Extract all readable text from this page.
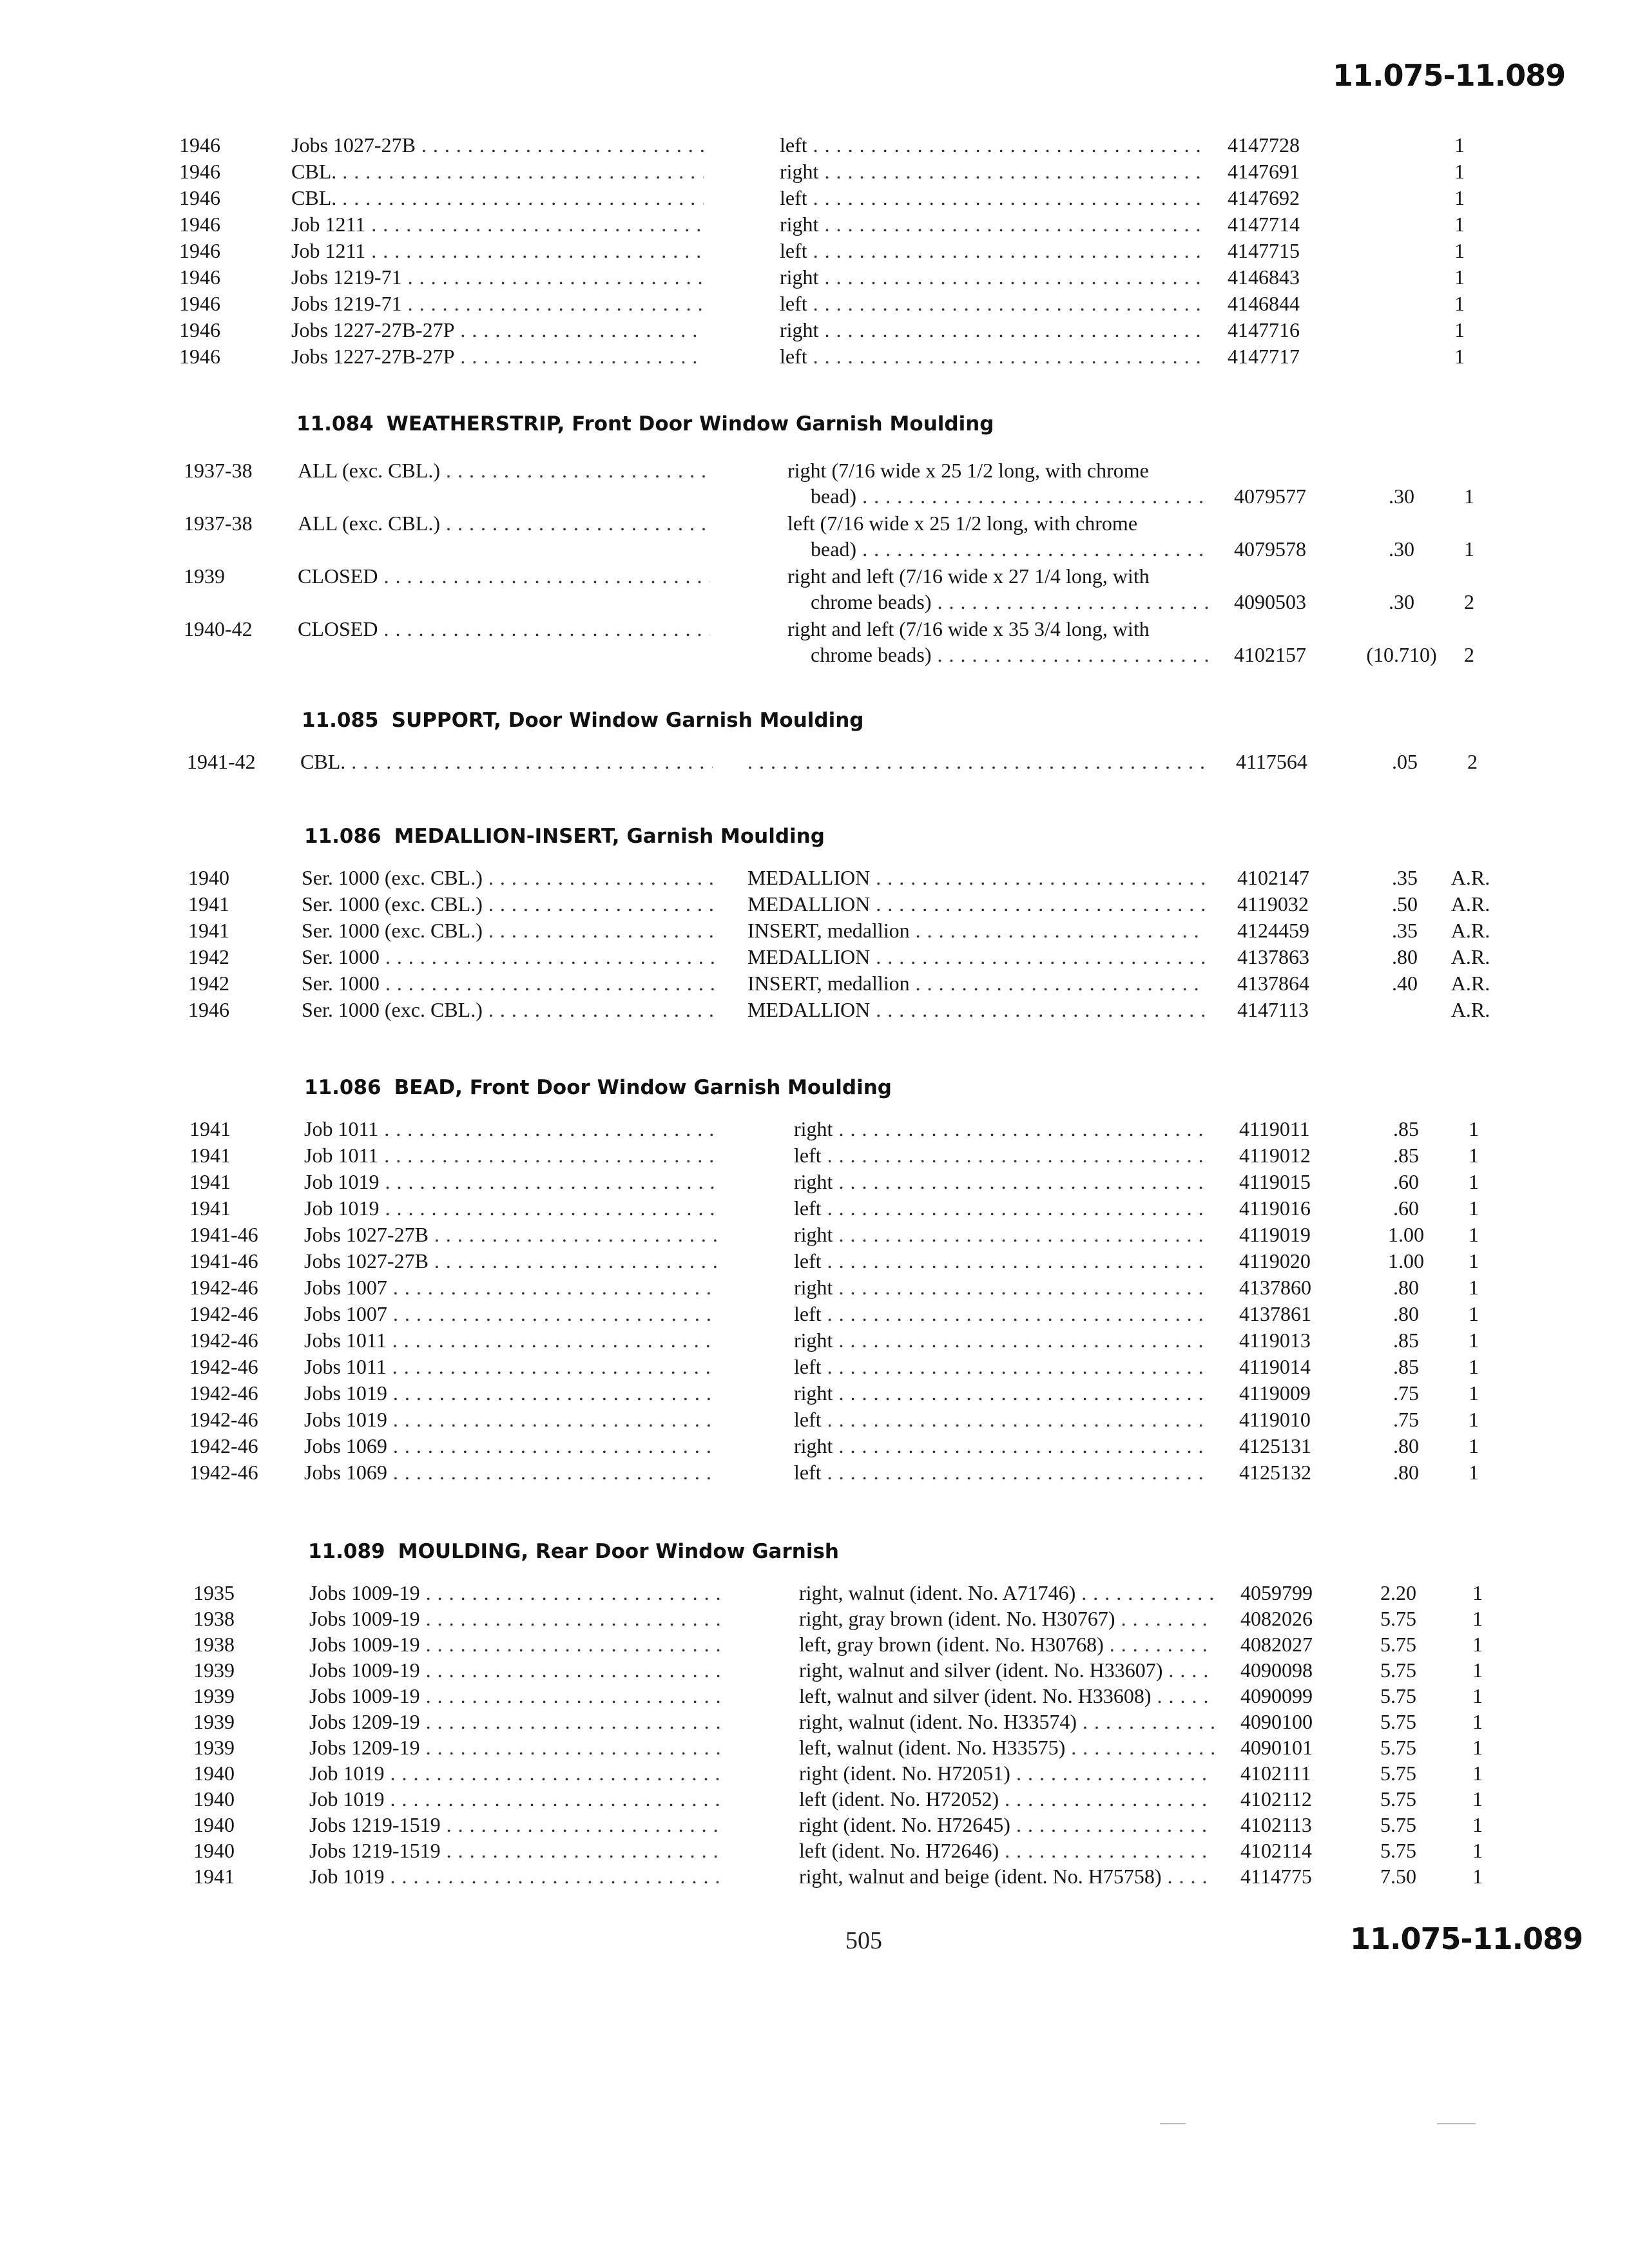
11.075-11.089
1946	Jobs 1027-27B . . .	left . . .	4147728	1
1946	CBL. . . .	right . . .	4147691	1
1946	CBL. . . .	left . . .	4147692	1
1946	Job 1211 . . .	right . . .	4147714	1
1946	Job 1211 . . .	left . . .	4147715	1
1946	Jobs 1219-71 . . .	right . . .	4146843	1
1946	Jobs 1219-71 . . .	left . . .	4146844	1
1946	Jobs 1227-27B-27P . . .	right . . .	4147716	1
1946	Jobs 1227-27B-27P . . .	left . . .	4147717	1
11.084 WEATHERSTRIP, Front Door Window Garnish Moulding
1937-38 ALL (exc. CBL.) . . .	right (7/16 wide x 25 1/2 long, with chrome
bead) . . .	4079577	.30	1
1937-38 ALL (exc. CBL.) . . .	left (7/16 wide x 25 1/2 long, with chrome
bead) . . .	4079578	.30	1
1939	CLOSED . . .	right and left (7/16 wide x 27 1/4 long, with
chrome beads) . . .	4090503	.30	2
1940-42 CLOSED . . .	right and left (7/16 wide x 35 3/4 long, with
chrome beads) . . .	4102157	(10.710)	2
11.085 SUPPORT, Door Window Garnish Moulding
1941-42 CBL. . . .
. . .	4117564	.05	2
11.086 MEDALLION-INSERT, Garnish Moulding
1940	Ser. 1000 (exc. CBL.) . . .	MEDALLION . . .	4102147	.35	A.R.
1941	Ser. 1000 (exc. CBL.) . . .	MEDALLION . . .	4119032	.50	A.R.
1941	Ser. 1000 (exc. CBL.) . . .	INSERT, medallion . . .	4124459	.35	A.R.
1942	Ser. 1000 . . .	MEDALLION . . .	4137863	.80	A.R.
1942	Ser. 1000 . . .	INSERT, medallion . . .	4137864	.40	A.R.
1946	Ser. 1000 (exc. CBL.) . . .	MEDALLION . . .	4147113	A.R.
11.086 BEAD, Front Door Window Garnish Moulding
1941	Job 1011 . . .	right . . .	4119011	.85	1
1941	Job 1011 . . .	left . . .	4119012	.85	1
1941	Job 1019 . . .	right . . .	4119015	.60	1
1941	Job 1019 . . .	left . . .	4119016	.60	1
1941-46 Jobs 1027-27B . . .	right . . .	4119019	1.00	1
1941-46 Jobs 1027-27B . . .	left . . .	4119020	1.00	1
1942-46 Jobs 1007 . . .	right . . .	4137860	.80	1
1942-46 Jobs 1007 . . .	left . . .	4137861	.80	1
1942-46 Jobs 1011 . . .	right . . .	4119013	.85	1
1942-46 Jobs 1011 . . .	left . . .	4119014	.85	1
1942-46 Jobs 1019 . . .	right . . .	4119009	.75	1
1942-46 Jobs 1019 . . .	left . . .	4119010	.75	1
1942-46 Jobs 1069 . . .	right . . .	4125131	.80	1
1942-46 Jobs 1069 . . .	left . . .	4125132	.80	1
11.089 MOULDING, Rear Door Window Garnish
1935	Jobs 1009-19 . . .	right, walnut (ident. No. A71746) . . .	4059799	2.20	1
1938	Jobs 1009-19 . . .	right, gray brown (ident. No. H30767) . . .	4082026	5.75	1
1938	Jobs 1009-19 . . .	left, gray brown (ident. No. H30768) . . .	4082027	5.75	1
1939	Jobs 1009-19 . . .	right, walnut and silver (ident. No. H33607) . . .	4090098	5.75	1
1939	Jobs 1009-19 . . .	left, walnut and silver (ident. No. H33608) . . .	4090099	5.75	1
1939	Jobs 1209-19 . . .	right, walnut (ident. No. H33574) . . .	4090100	5.75	1
1939	Jobs 1209-19 . . .	left, walnut (ident. No. H33575) . . .	4090101	5.75	1
1940	Job 1019 . . .	right (ident. No. H72051) . . .	4102111	5.75	1
1940	Job 1019 . . .	left (ident. No. H72052) . . .	4102112	5.75	1
1940	Jobs 1219-1519 . . .	right (ident. No. H72645) . . .	4102113	5.75	1
1940	Jobs 1219-1519 . . .	left (ident. No. H72646) . . .	4102114	5.75	1
1941	Job 1019 . . .	right, walnut and beige (ident. No. H75758) . . .	4114775	7.50	1
505	11.075-11.089
